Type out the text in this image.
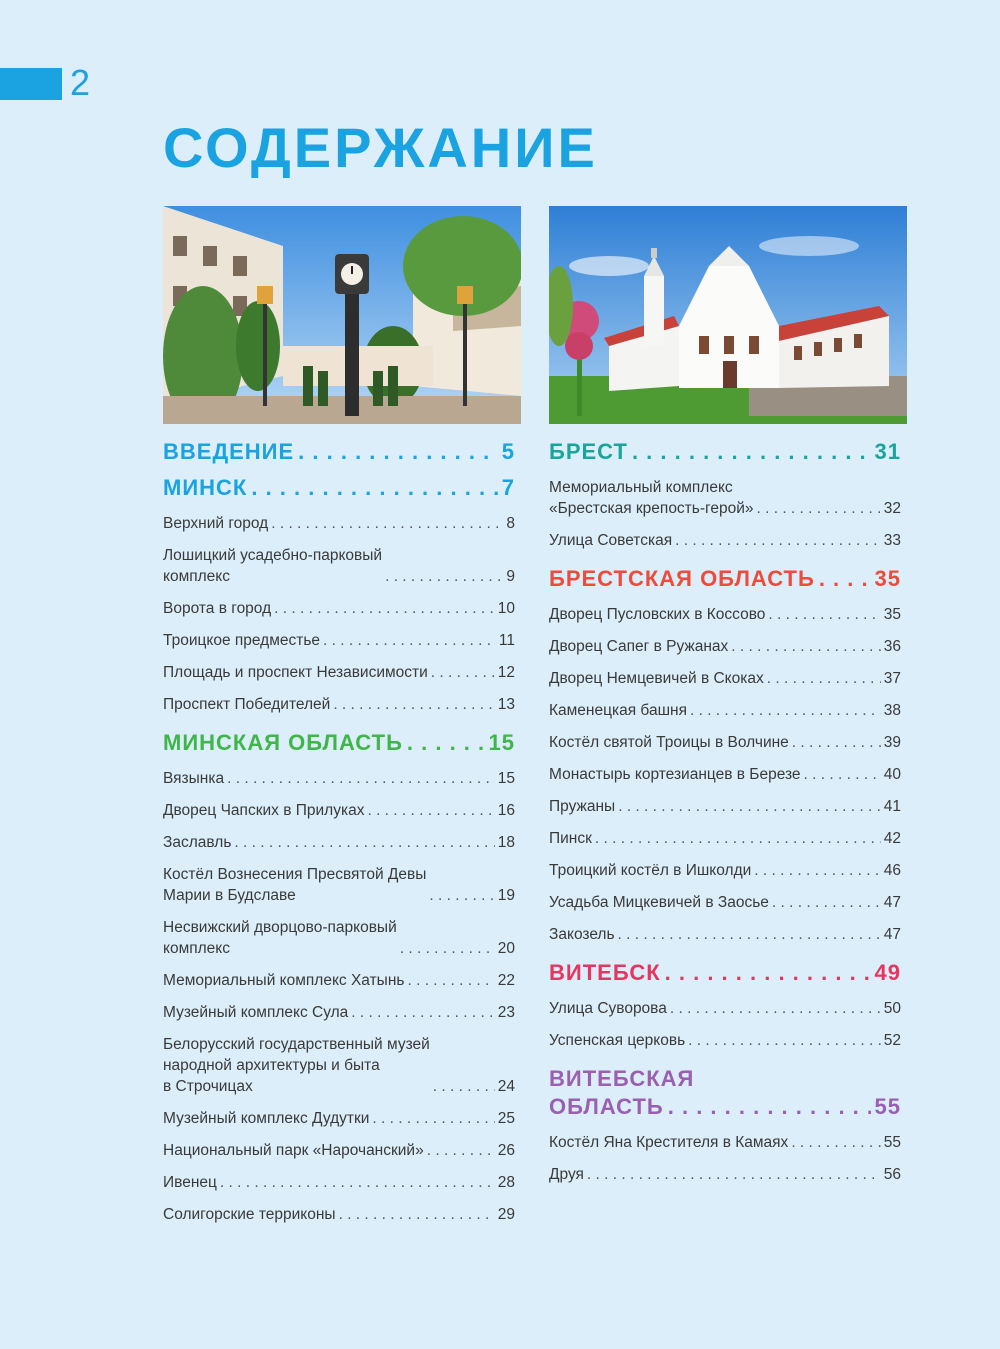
2
СОДЕРЖАНИЕ
ВВЕДЕНИЕ . . .	5
МИНСК . . .	7
Верхний город . . .	8
Лошицкий усадебно-парковый
комплекс . . .	9
Ворота в город . . .	10
Троицкое предместье . . .	11
Площадь и проспект Независимости . . .	12
Проспект Победителей . . .	13
МИНСКАЯ ОБЛАСТЬ . . .	15
Вязынка . . .	15
Дворец Чапских в Прилуках . . .	16
Заславль . . .	18
Костёл Вознесения Пресвятой Девы
Марии в Будславе . . .	19
Несвижский дворцово-парковый
комплекс . . .	20
Мемориальный комплекс Хатынь . . .	22
Музейный комплекс Сула . . .	23
Белорусский государственный музей
народной архитектуры и быта
в Строчицах . . .	24
Музейный комплекс Дудутки . . .	25
Национальный парк «Нарочанский» . . .	26
Ивенец . . .	28
Солигорские терриконы . . .	29
БРЕСТ . . .	31
Мемориальный комплекс
«Брестская крепость-герой» . . .	32
Улица Советская . . .	33
БРЕСТСКАЯ ОБЛАСТЬ . . .	35
Дворец Пусловских в Коссово . . .	35
Дворец Сапег в Ружанах . . .	36
Дворец Немцевичей в Скоках . . .	37
Каменецкая башня . . .	38
Костёл святой Троицы в Волчине . . .	39
Монастырь кортезианцев в Березе . . .	40
Пружаны . . .	41
Пинск . . .	42
Троицкий костёл в Ишколди . . .	46
Усадьба Мицкевичей в Заосье . . .	47
Закозель . . .	47
ВИТЕБСК . . .	49
Улица Суворова . . .	50
Успенская церковь . . .	52
ВИТЕБСКАЯ
ОБЛАСТЬ . . .	55
Костёл Яна Крестителя в Камаях . . .	55
Друя . . .	56
